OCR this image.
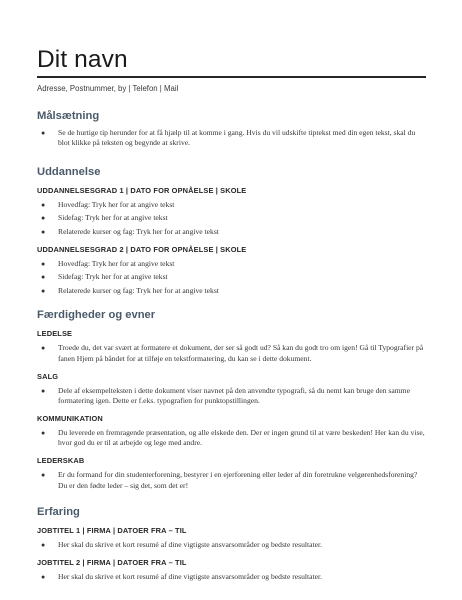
Dit navn

Adresse, Postnummer, by | Telefon | Mail

Målsætning
● Se de hurtige tip herunder for at få hjælp til at komme i gang. Hvis du vil udskifte tiptekst med din egen tekst, skal du blot klikke på teksten og begynde at skrive.
Uddannelse

UDDANNELSESGRAD 1 | DATO FOR OPNÅELSE | SKOLE

● Hovedfag: Tryk her for at angive tekst
● Sidefag: Tryk her for at angive tekst
● Relaterede kurser og fag: Tryk her for at angive tekst

UDDANNELSESGRAD 2 | DATO FOR OPNÅELSE | SKOLE

● Hovedfag: Tryk her for at angive tekst
● Sidefag: Tryk her for at angive tekst
● Relaterede kurser og fag: Tryk her for at angive tekst
Færdigheder og evner

LEDELSE

● Troede du, det var svært at formatere et dokument, der ser så godt ud? Så kan du godt tro om igen! Gå til Typografier på fanen Hjem på båndet for at tilføje en tekstformatering, du kan se i dette dokument.

SALG

● Dele af eksempelteksten i dette dokument viser navnet på den anvendte typografi, så du nemt kan bruge den samme formatering igen. Dette er f.eks. typografien for punktopstillingen.

KOMMUNIKATION

● Du leverede en fremragende præsentation, og alle elskede den. Der er ingen grund til at være beskeden! Her kan du vise, hvor god du er til at arbejde og lege med andre.

LEDERSKAB

● Er du formand for din studenterforening, bestyrer i en ejerforening eller leder af din foretrukne velgørenhedsforening? Du er den fødte leder – sig det, som det er!
Erfaring

JOBTITEL 1 | FIRMA | DATOER FRA – TIL

● Her skal du skrive et kort resumé af dine vigtigste ansvarsområder og bedste resultater.

JOBTITEL 2 | FIRMA | DATOER FRA – TIL

● Her skal du skrive et kort resumé af dine vigtigste ansvarsområder og bedste resultater.
